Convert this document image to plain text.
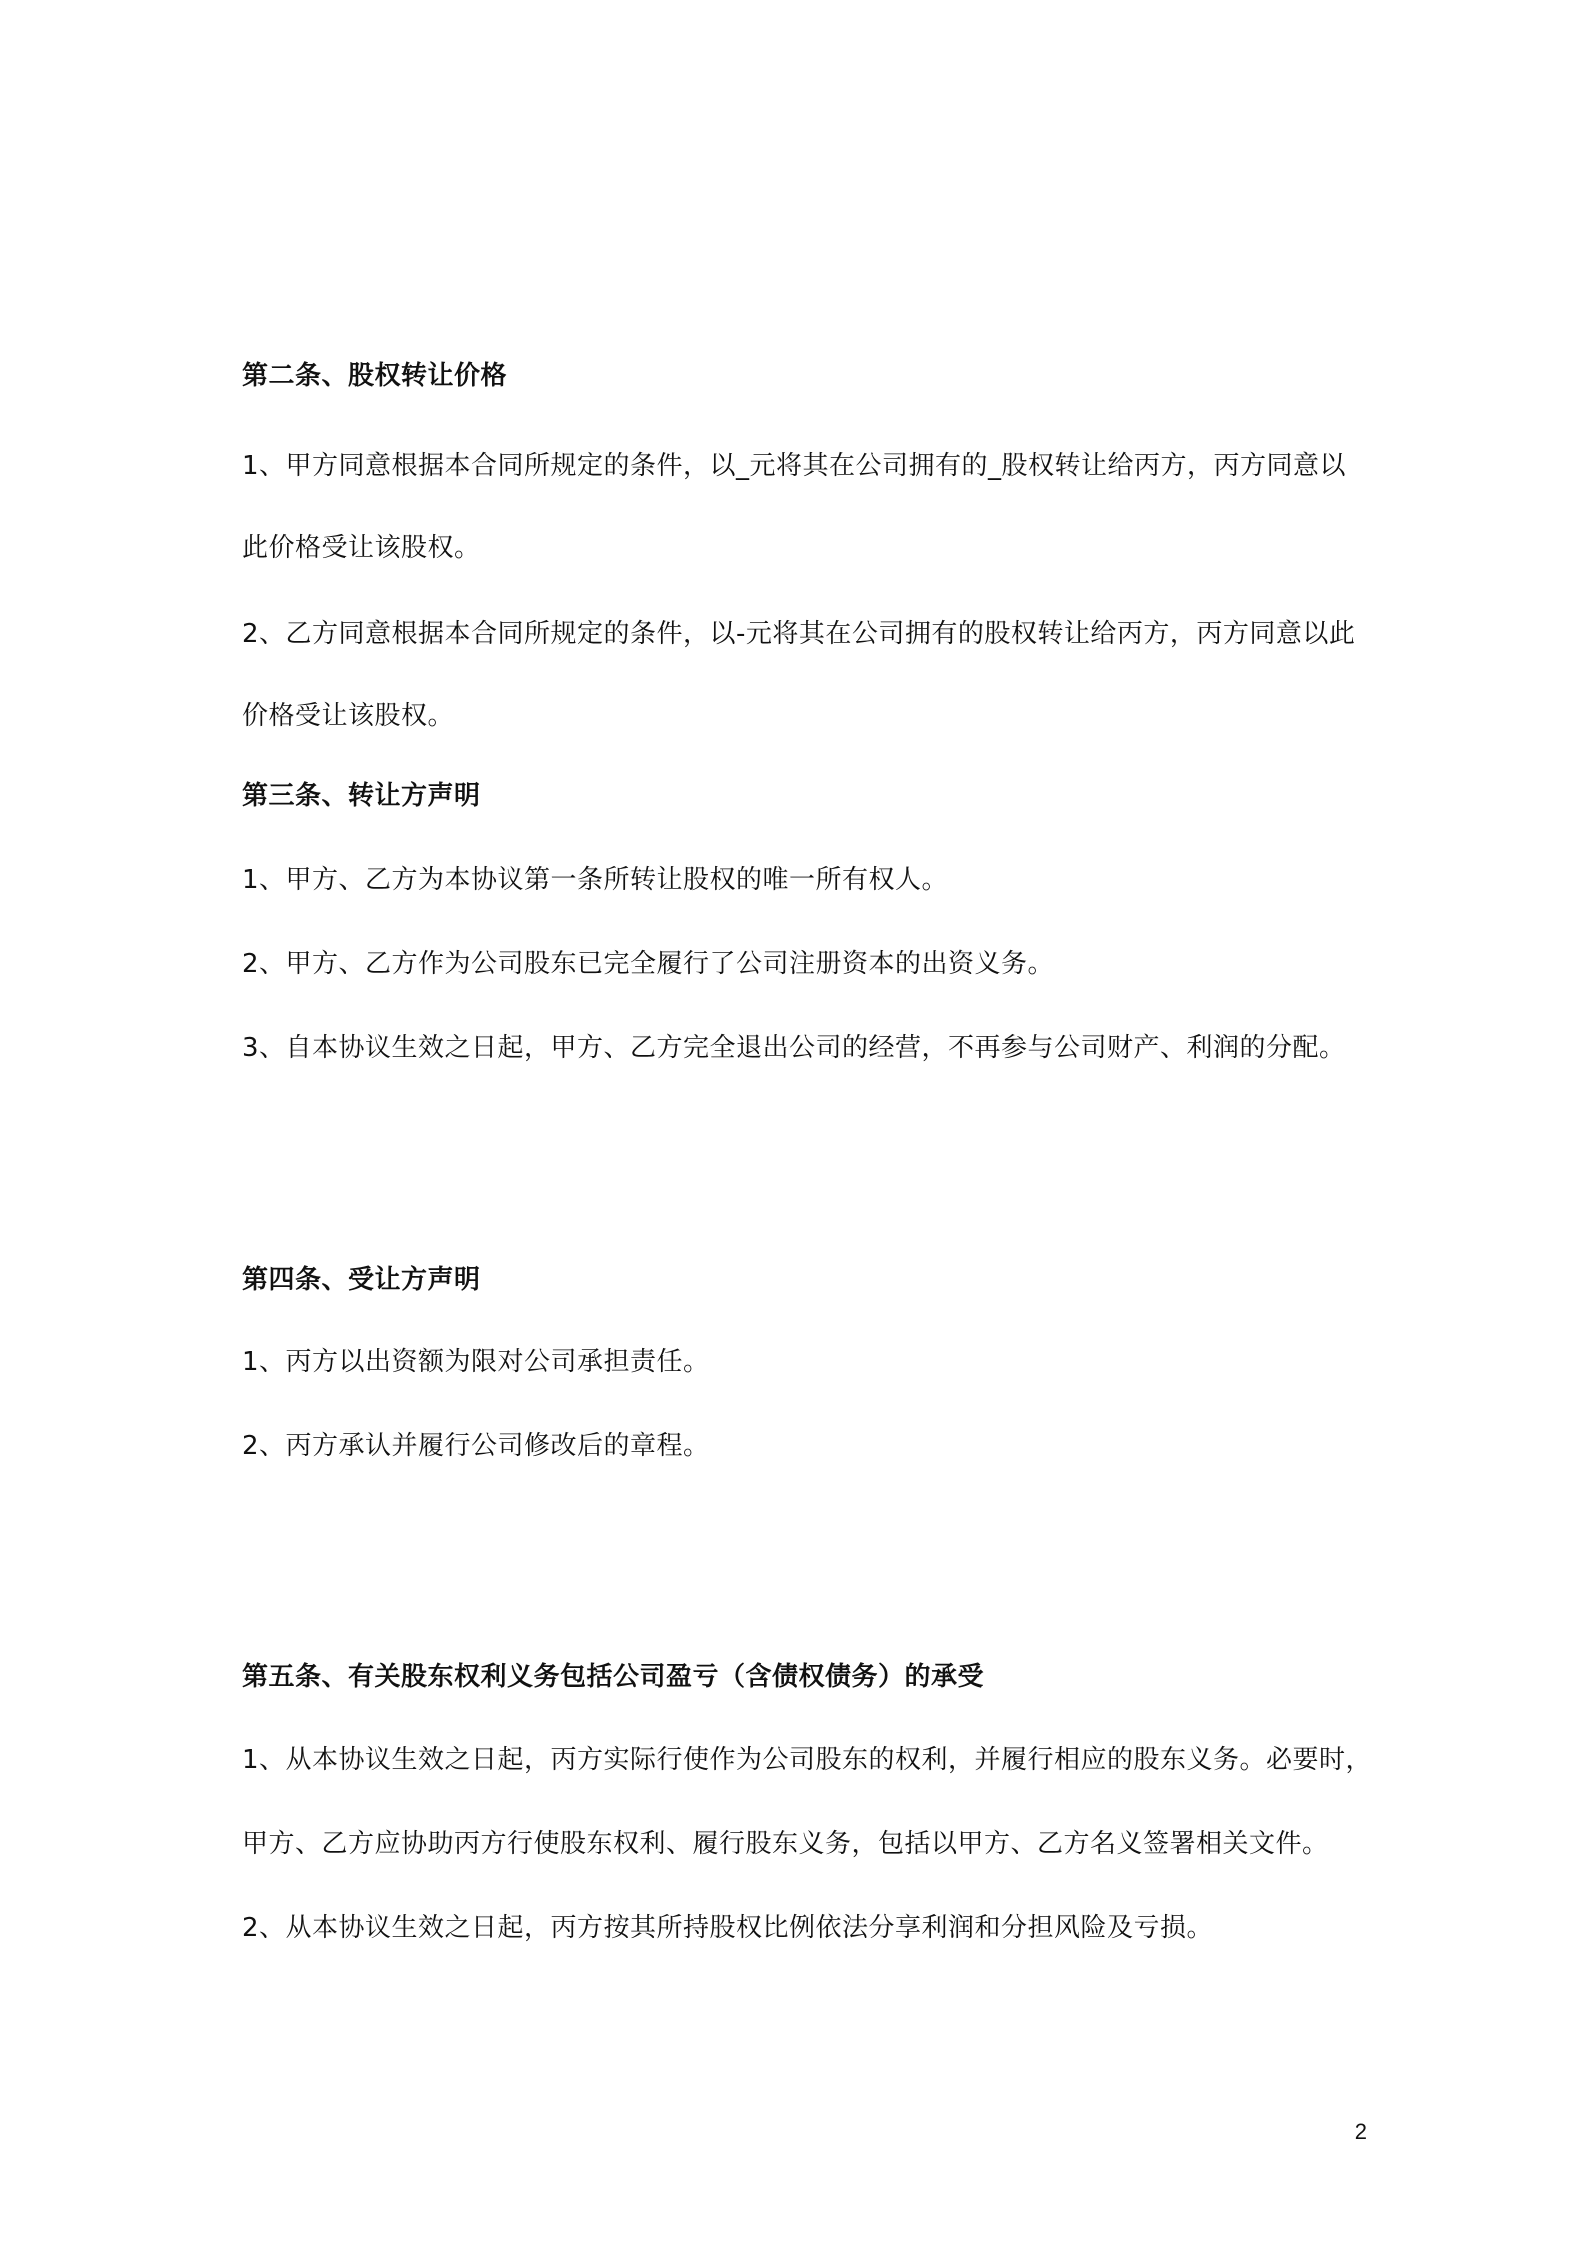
第二条、股权转让价格
1、甲方同意根据本合同所规定的条件，以_元将其在公司拥有的_股权转让给丙方，丙方同意以
此价格受让该股权。
2、乙方同意根据本合同所规定的条件，以-元将其在公司拥有的股权转让给丙方，丙方同意以此
价格受让该股权。
第三条、转让方声明
1、甲方、乙方为本协议第一条所转让股权的唯一所有权人。
2、甲方、乙方作为公司股东已完全履行了公司注册资本的出资义务。
3、自本协议生效之日起，甲方、乙方完全退出公司的经营，不再参与公司财产、利润的分配。
第四条、受让方声明
1、丙方以出资额为限对公司承担责任。
2、丙方承认并履行公司修改后的章程。
第五条、有关股东权利义务包括公司盈亏（含债权债务）的承受
1、从本协议生效之日起，丙方实际行使作为公司股东的权利，并履行相应的股东义务。必要时，
甲方、乙方应协助丙方行使股东权利、履行股东义务，包括以甲方、乙方名义签署相关文件。
2、从本协议生效之日起，丙方按其所持股权比例依法分享利润和分担风险及亏损。
2
